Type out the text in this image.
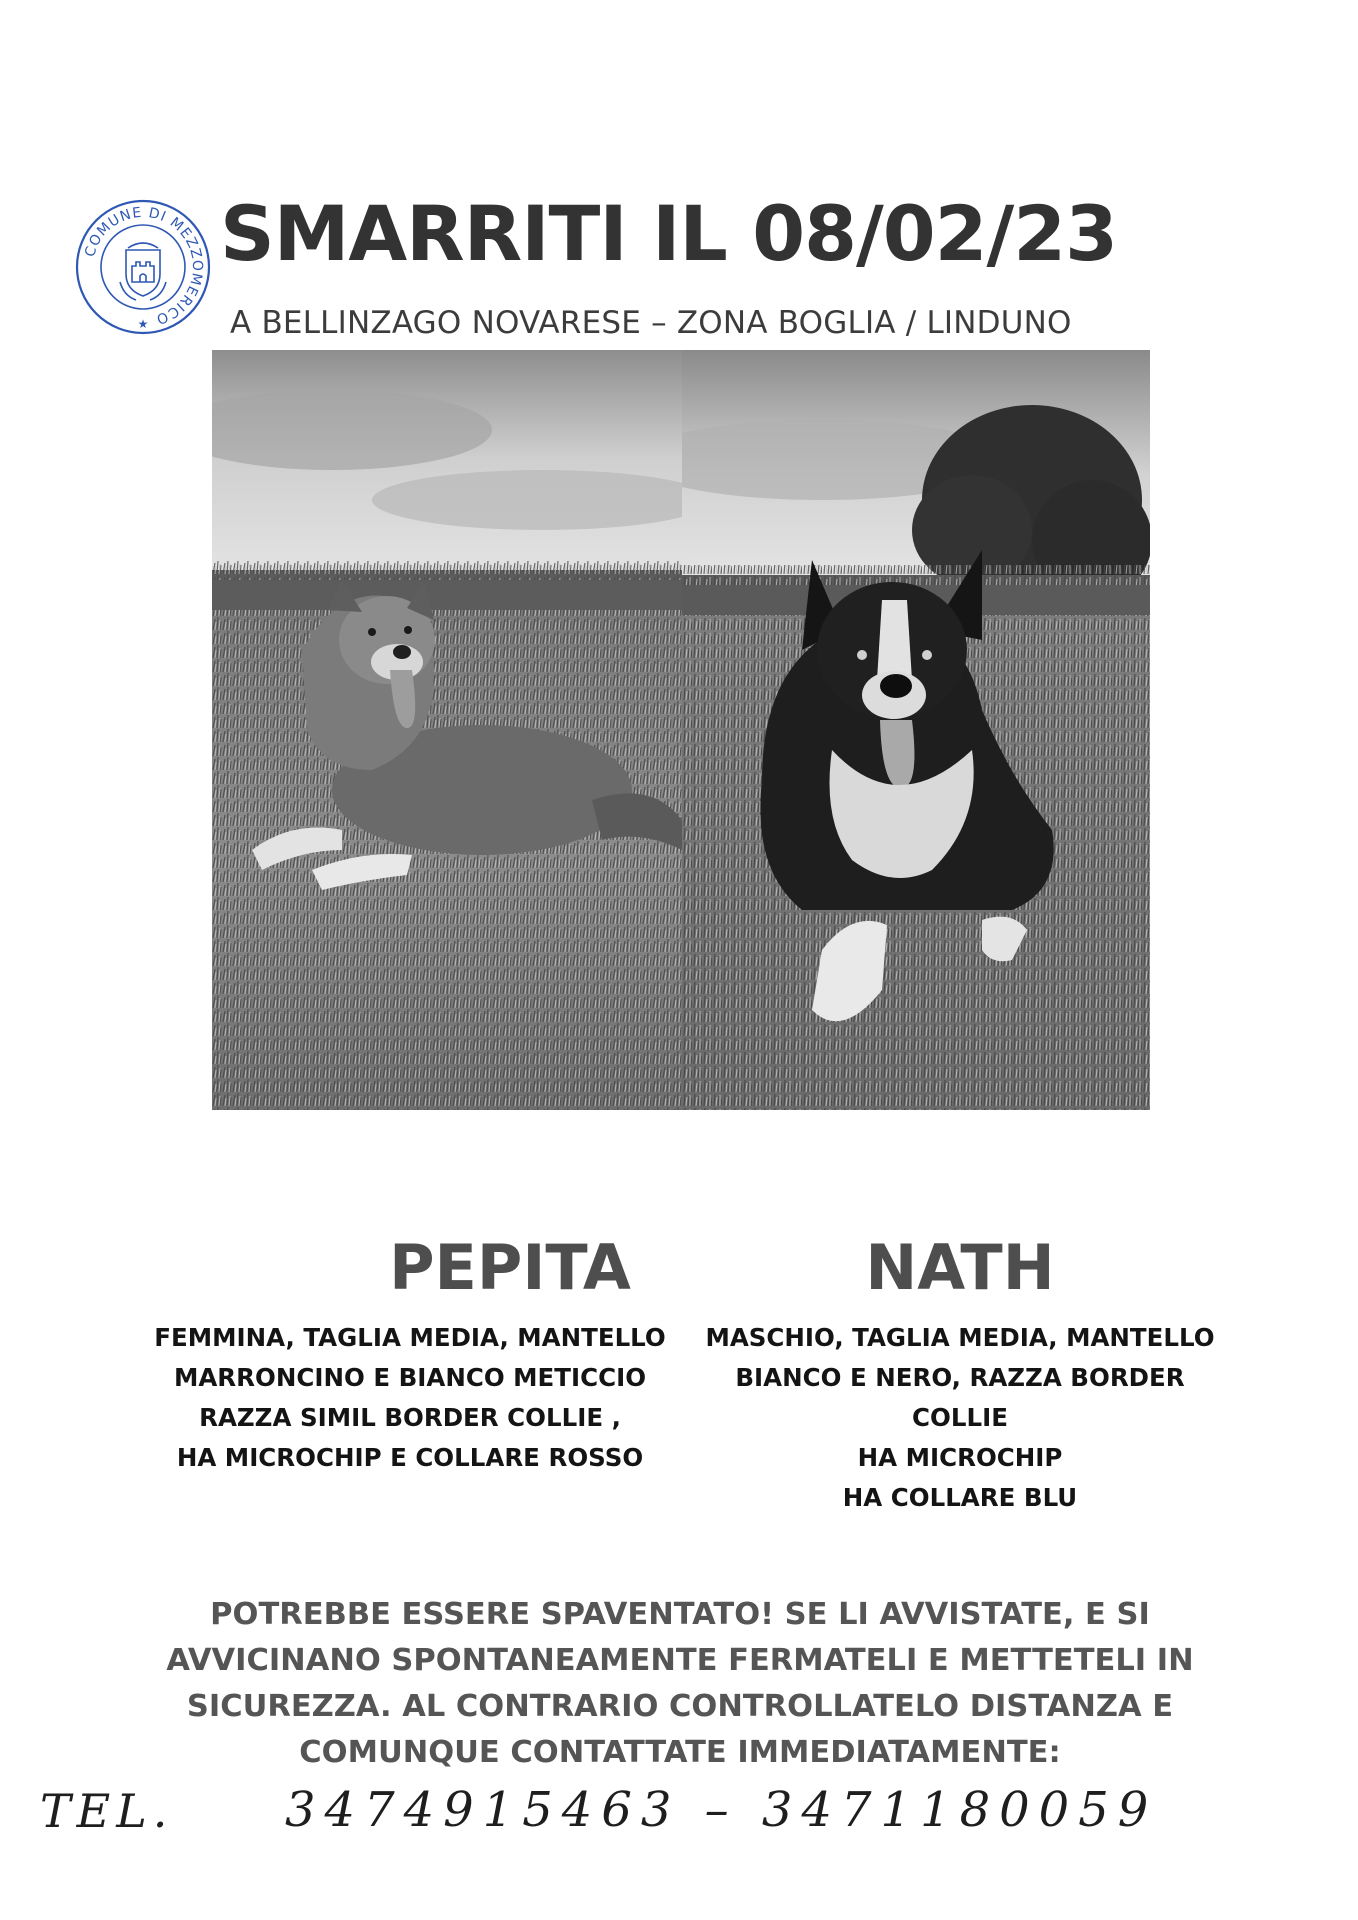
COMUNE DI MEZZOMERICO
★
SMARRITI IL 08/02/23
A BELLINZAGO NOVARESE – ZONA BOGLIA / LINDUNO
PEPITA	NATH
FEMMINA, TAGLIA MEDIA, MANTELLO
MARRONCINO E BIANCO METICCIO
RAZZA SIMIL BORDER COLLIE ,
HA MICROCHIP E COLLARE ROSSO
MASCHIO, TAGLIA MEDIA, MANTELLO
BIANCO E NERO, RAZZA BORDER
COLLIE
HA MICROCHIP
HA COLLARE BLU
POTREBBE ESSERE SPAVENTATO! SE LI AVVISTATE, E SI
AVVICINANO SPONTANEAMENTE FERMATELI E METTETELI IN
SICUREZZA. AL CONTRARIO CONTROLLATELO DISTANZA E
COMUNQUE CONTATTATE IMMEDIATAMENTE:
TEL. 3474915463 – 3471180059
